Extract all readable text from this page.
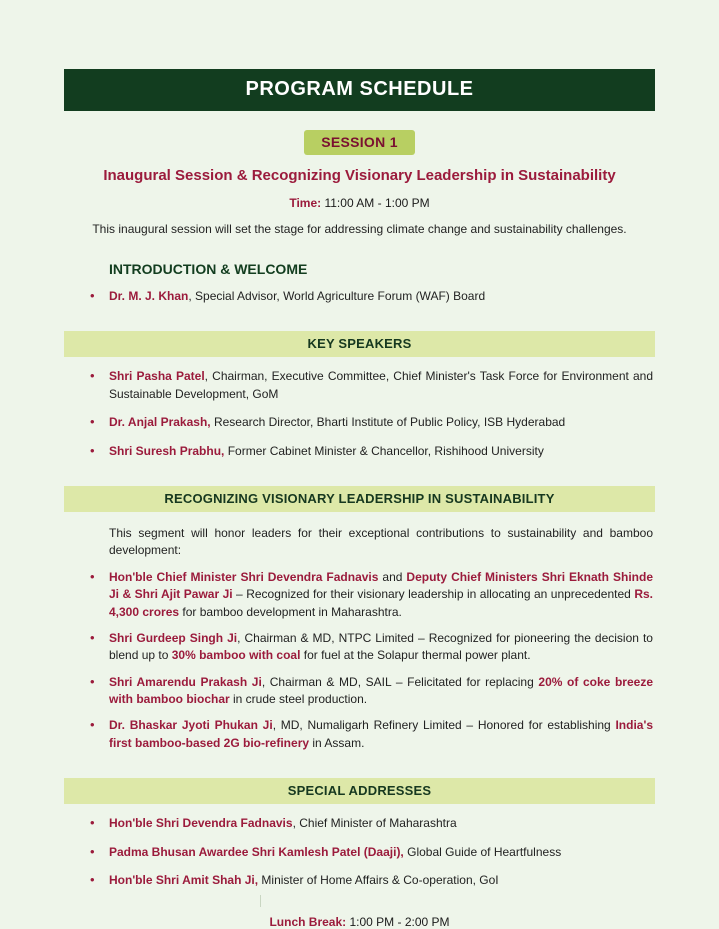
PROGRAM SCHEDULE
SESSION 1
Inaugural Session & Recognizing Visionary Leadership in Sustainability
Time: 11:00 AM - 1:00 PM
This inaugural session will set the stage for addressing climate change and sustainability challenges.
INTRODUCTION & WELCOME
• Dr. M. J. Khan, Special Advisor, World Agriculture Forum (WAF) Board
KEY SPEAKERS
• Shri Pasha Patel, Chairman, Executive Committee, Chief Minister's Task Force for Environment and Sustainable Development, GoM
• Dr. Anjal Prakash, Research Director, Bharti Institute of Public Policy, ISB Hyderabad
• Shri Suresh Prabhu, Former Cabinet Minister & Chancellor, Rishihood University
RECOGNIZING VISIONARY LEADERSHIP IN SUSTAINABILITY
This segment will honor leaders for their exceptional contributions to sustainability and bamboo development:
• Hon'ble Chief Minister Shri Devendra Fadnavis and Deputy Chief Ministers Shri Eknath Shinde Ji & Shri Ajit Pawar Ji – Recognized for their visionary leadership in allocating an unprecedented Rs. 4,300 crores for bamboo development in Maharashtra.
• Shri Gurdeep Singh Ji, Chairman & MD, NTPC Limited – Recognized for pioneering the decision to blend up to 30% bamboo with coal for fuel at the Solapur thermal power plant.
• Shri Amarendu Prakash Ji, Chairman & MD, SAIL – Felicitated for replacing 20% of coke breeze with bamboo biochar in crude steel production.
• Dr. Bhaskar Jyoti Phukan Ji, MD, Numaligarh Refinery Limited – Honored for establishing India's first bamboo-based 2G bio-refinery in Assam.
SPECIAL ADDRESSES
• Hon'ble Shri Devendra Fadnavis, Chief Minister of Maharashtra
• Padma Bhusan Awardee Shri Kamlesh Patel (Daaji), Global Guide of Heartfulness
• Hon'ble Shri Amit Shah Ji, Minister of Home Affairs & Co-operation, GoI
Lunch Break: 1:00 PM - 2:00 PM
